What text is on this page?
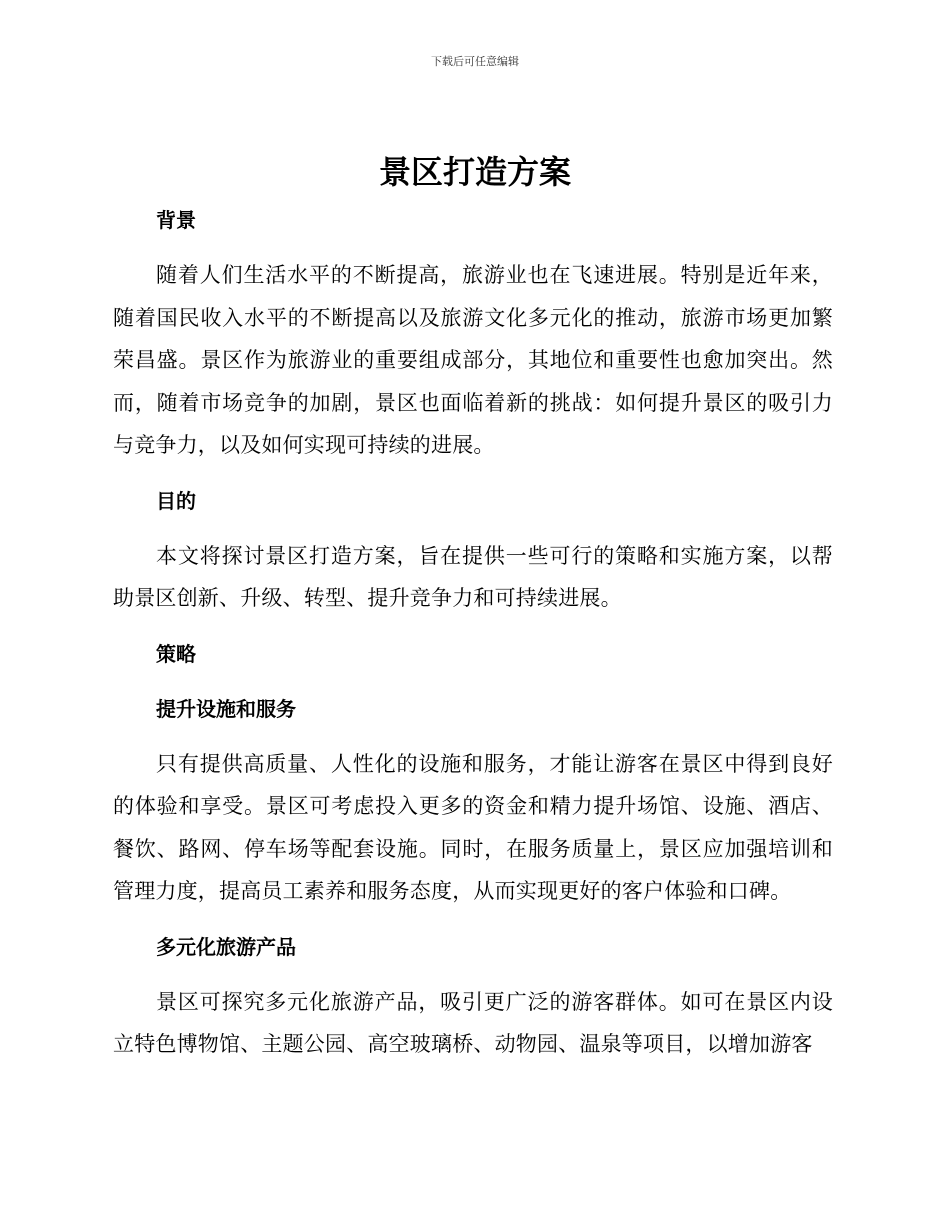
下载后可任意编辑
景区打造方案
背景

随着人们生活水平的不断提高，旅游业也在飞速进展。特别是近年来，随着国民收入水平的不断提高以及旅游文化多元化的推动，旅游市场更加繁荣昌盛。景区作为旅游业的重要组成部分，其地位和重要性也愈加突出。然而，随着市场竞争的加剧，景区也面临着新的挑战：如何提升景区的吸引力与竞争力，以及如何实现可持续的进展。

目的

本文将探讨景区打造方案，旨在提供一些可行的策略和实施方案，以帮助景区创新、升级、转型、提升竞争力和可持续进展。

策略
提升设施和服务

只有提供高质量、人性化的设施和服务，才能让游客在景区中得到良好的体验和享受。景区可考虑投入更多的资金和精力提升场馆、设施、酒店、餐饮、路网、停车场等配套设施。同时，在服务质量上，景区应加强培训和管理力度，提高员工素养和服务态度，从而实现更好的客户体验和口碑。

多元化旅游产品

景区可探究多元化旅游产品，吸引更广泛的游客群体。如可在景区内设立特色博物馆、主题公园、高空玻璃桥、动物园、温泉等项目，以增加游客
